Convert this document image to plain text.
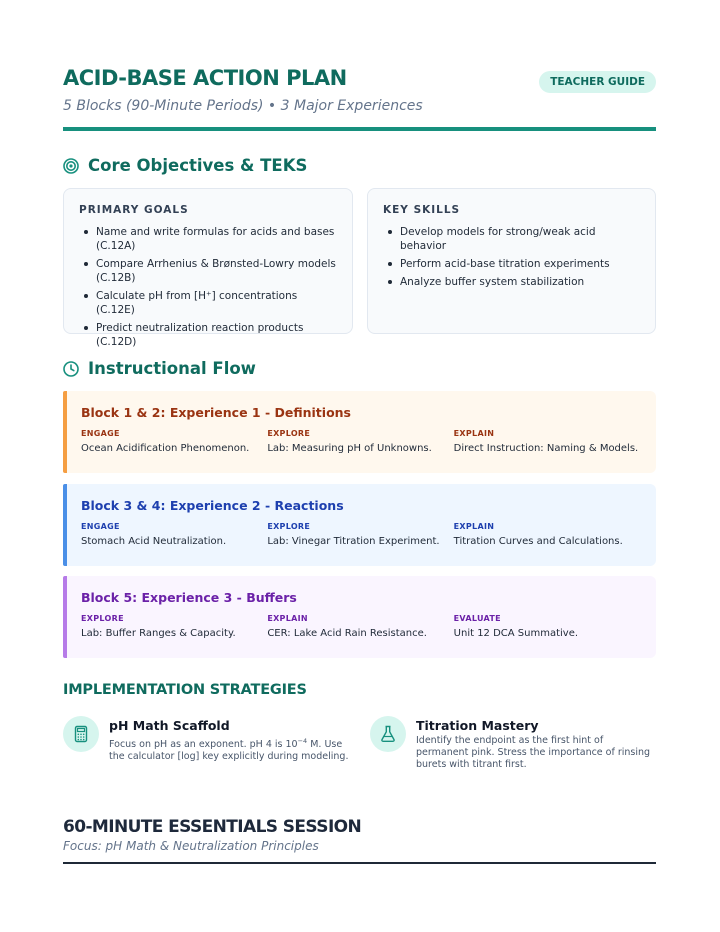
ACID-BASE ACTION PLAN
5 Blocks (90-Minute Periods) • 3 Major Experiences
TEACHER GUIDE
Core Objectives & TEKS
PRIMARY GOALS
Name and write formulas for acids and bases (C.12A)
Compare Arrhenius & Brønsted-Lowry models (C.12B)
Calculate pH from [H⁺] concentrations (C.12E)
Predict neutralization reaction products (C.12D)
KEY SKILLS
Develop models for strong/weak acid behavior
Perform acid-base titration experiments
Analyze buffer system stabilization
Instructional Flow
Block 1 & 2: Experience 1 - Definitions
ENGAGE
Ocean Acidification Phenomenon.
EXPLORE
Lab: Measuring pH of Unknowns.
EXPLAIN
Direct Instruction: Naming & Models.
Block 3 & 4: Experience 2 - Reactions
ENGAGE
Stomach Acid Neutralization.
EXPLORE
Lab: Vinegar Titration Experiment.
EXPLAIN
Titration Curves and Calculations.
Block 5: Experience 3 - Buffers
EXPLORE
Lab: Buffer Ranges & Capacity.
EXPLAIN
CER: Lake Acid Rain Resistance.
EVALUATE
Unit 12 DCA Summative.
IMPLEMENTATION STRATEGIES
pH Math Scaffold
Focus on pH as an exponent. pH 4 is $10^{-4}$ M. Use the calculator [log] key explicitly during modeling.
Titration Mastery
Identify the endpoint as the first hint of permanent pink. Stress the importance of rinsing burets with titrant first.
60-MINUTE ESSENTIALS SESSION
Focus: pH Math & Neutralization Principles
